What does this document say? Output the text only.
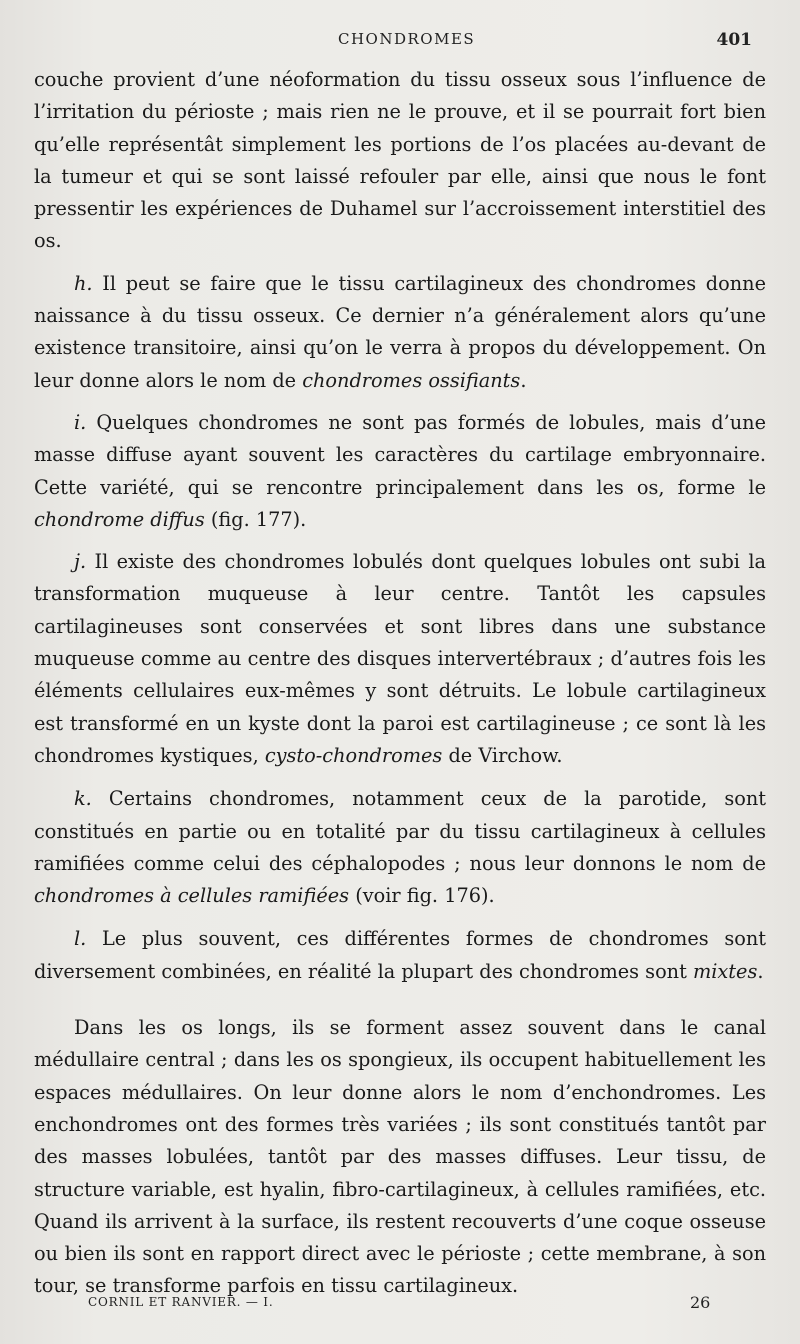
CHONDROMES	401

couche provient d’une néoformation du tissu osseux sous l’influence de l’irritation du périoste ; mais rien ne le prouve, et il se pourrait fort bien qu’elle représentât simplement les portions de l’os placées au-devant de la tumeur et qui se sont laissé refouler par elle, ainsi que nous le font pressentir les expériences de Duhamel sur l’accroissement interstitiel des os.

h. Il peut se faire que le tissu cartilagineux des chondromes donne naissance à du tissu osseux. Ce dernier n’a généralement alors qu’une existence transitoire, ainsi qu’on le verra à propos du développement. On leur donne alors le nom de chondromes ossifiants.

i. Quelques chondromes ne sont pas formés de lobules, mais d’une masse diffuse ayant souvent les caractères du cartilage embryonnaire. Cette variété, qui se rencontre principalement dans les os, forme le chondrome diffus (fig. 177).

j. Il existe des chondromes lobulés dont quelques lobules ont subi la transformation muqueuse à leur centre. Tantôt les capsules cartilagineuses sont conservées et sont libres dans une substance muqueuse comme au centre des disques intervertébraux ; d’autres fois les éléments cellulaires eux-mêmes y sont détruits. Le lobule cartilagineux est transformé en un kyste dont la paroi est cartilagineuse ; ce sont là les chondromes kystiques, cysto-chondromes de Virchow.

k. Certains chondromes, notamment ceux de la parotide, sont constitués en partie ou en totalité par du tissu cartilagineux à cellules ramifiées comme celui des céphalopodes ; nous leur donnons le nom de chondromes à cellules ramifiées (voir fig. 176).

l. Le plus souvent, ces différentes formes de chondromes sont diversement combinées, en réalité la plupart des chondromes sont mixtes.

Dans les os longs, ils se forment assez souvent dans le canal médullaire central ; dans les os spongieux, ils occupent habituellement les espaces médullaires. On leur donne alors le nom d’enchondromes. Les enchondromes ont des formes très variées ; ils sont constitués tantôt par des masses lobulées, tantôt par des masses diffuses. Leur tissu, de structure variable, est hyalin, fibro-cartilagineux, à cellules ramifiées, etc. Quand ils arrivent à la surface, ils restent recouverts d’une coque osseuse ou bien ils sont en rapport direct avec le périoste ; cette membrane, à son tour, se transforme parfois en tissu cartilagineux.

CORNIL ET RANVIER. — I.	26
